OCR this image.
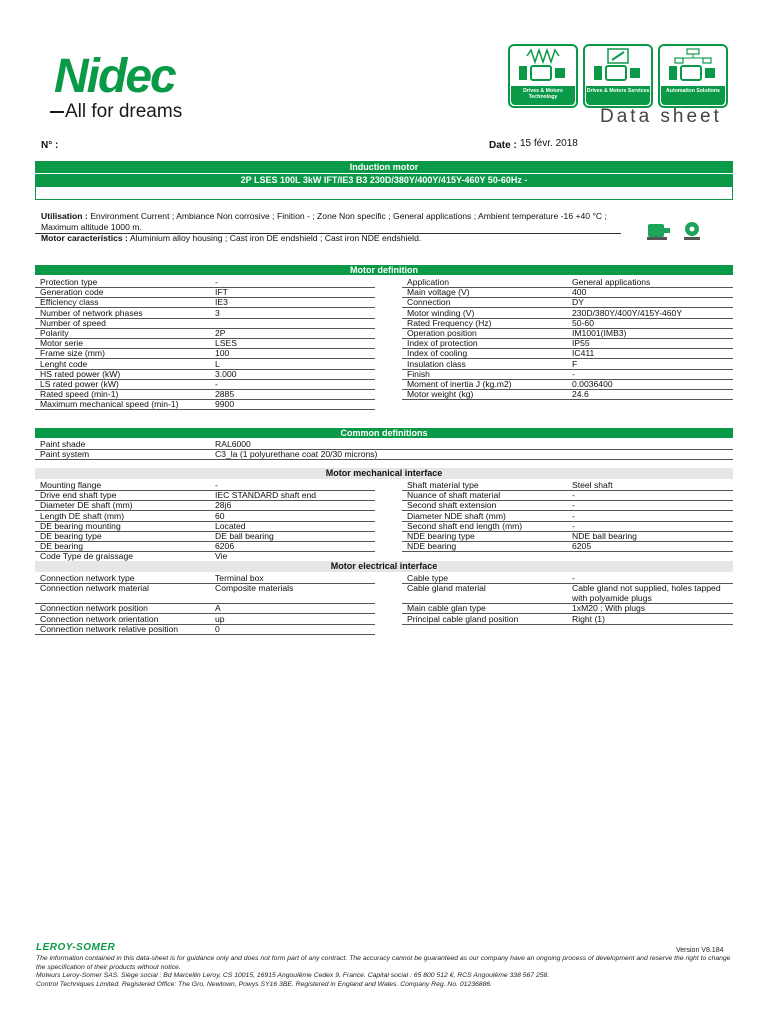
Nidec
All for dreams
Drives & Motors Technology
Drives & Motors Services	Automation Solutions
Data sheet
N° :	Date : 15 févr. 2018
Induction motor
2P LSES 100L 3kW IFT/IE3 B3 230D/380Y/400Y/415Y-460Y 50-60Hz -
Utilisation : Environment Current ; Ambiance Non corrosive ; Finition - ; Zone Non specific ; General applications ; Ambient temperature -16 +40 °C ; Maximum altitude 1000 m.
Motor caracteristics : Aluminium alloy housing ; Cast iron DE endshield ; Cast iron NDE endshield.
Motor definition
Protection type	-
Generation code	IFT
Efficiency class	IE3
Number of network phases	3
Number of speed
Polarity	2P
Motor serie	LSES
Frame size (mm)	100
Lenght code	L
HS rated power (kW)	3.000
LS rated power (kW)	-
Rated speed (min-1)	2885
Maximum mechanical speed (min-1)	9900
Application	General applications
Main voltage (V)	400
Connection	DY
Motor winding (V)	230D/380Y/400Y/415Y-460Y
Rated Frequency (Hz)	50-60
Operation position	IM1001(IMB3)
Index of protection	IP55
Index of cooling	IC411
Insulation class	F
Finish	-
Moment of inertia J (kg.m2)	0.0036400
Motor weight (kg)	24.6
Common definitions
Paint shade	RAL6000
Paint system	C3_la (1 polyurethane coat 20/30 microns)
Motor mechanical interface
Mounting flange	-
Drive end shaft type	IEC STANDARD shaft end
Diameter DE shaft (mm)	28j6
Length DE shaft (mm)	60
DE bearing mounting	Located
DE bearing type	DE ball bearing
DE bearing	6206
Code Type de graissage	Vie
Shaft material type	Steel shaft
Nuance of shaft material	-
Second shaft extension	-
Diameter NDE shaft (mm)	-
Second shaft end length (mm)	-
NDE bearing type	NDE ball bearing
NDE bearing	6205
Motor electrical interface
Connection network type	Terminal box
Connection network material	Composite materials
Connection network position	A
Connection network orientation	up
Connection network relative position	0
Cable type	-
Cable gland material	Cable gland not supplied, holes tapped with polyamide plugs
Main cable glan type	1xM20 ; With plugs
Principal cable gland position	Right (1)
LEROY-SOMER	Version V8.184
The information contained in this data-sheet is for guidance only and does not form part of any contract. The accuracy cannot be guaranteed as our company have an ongoing process of development and reserve the right to change the specification of their products without notice.
Moteurs Leroy-Somer SAS. Siège social : Bd Marcellin Leroy, CS 10015, 16915 Angoulême Cedex 9, France. Capital social : 65 800 512 €, RCS Angoulême 338 567 258.
Control Techniques Limited. Registered Office: The Gro, Newtown, Powys SY16 3BE. Registered in England and Wales. Company Reg. No. 01236886.
